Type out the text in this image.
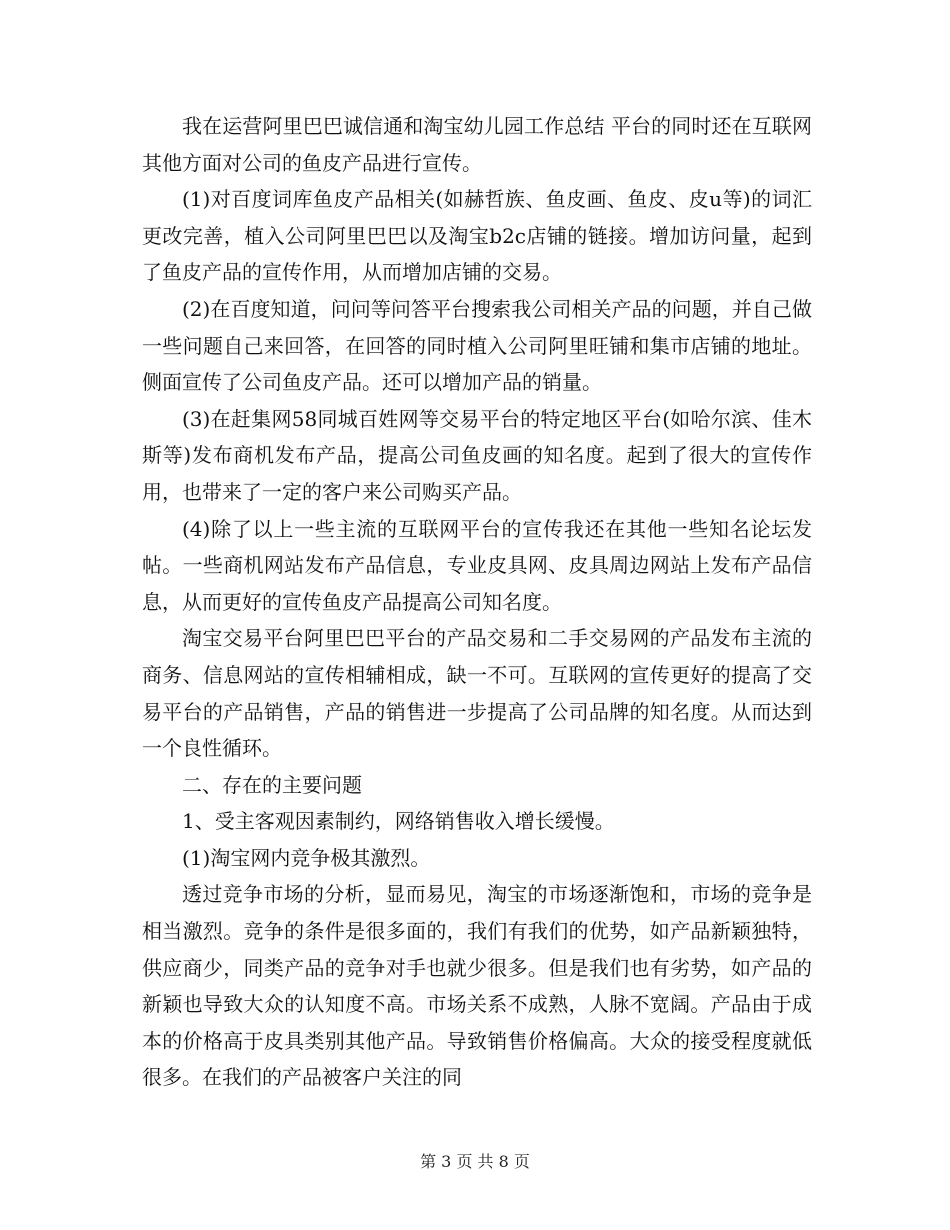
我在运营阿里巴巴诚信通和淘宝幼儿园工作总结 平台的同时还在互联网其他方面对公司的鱼皮产品进行宣传。

(1)对百度词库鱼皮产品相关(如赫哲族、鱼皮画、鱼皮、皮u等)的词汇更改完善，植入公司阿里巴巴以及淘宝b2c店铺的链接。增加访问量，起到了鱼皮产品的宣传作用，从而增加店铺的交易。

(2)在百度知道，问问等问答平台搜索我公司相关产品的问题，并自己做一些问题自己来回答，在回答的同时植入公司阿里旺铺和集市店铺的地址。侧面宣传了公司鱼皮产品。还可以增加产品的销量。

(3)在赶集网58同城百姓网等交易平台的特定地区平台(如哈尔滨、佳木斯等)发布商机发布产品，提高公司鱼皮画的知名度。起到了很大的宣传作用，也带来了一定的客户来公司购买产品。

(4)除了以上一些主流的互联网平台的宣传我还在其他一些知名论坛发帖。一些商机网站发布产品信息，专业皮具网、皮具周边网站上发布产品信息，从而更好的宣传鱼皮产品提高公司知名度。

淘宝交易平台阿里巴巴平台的产品交易和二手交易网的产品发布主流的商务、信息网站的宣传相辅相成，缺一不可。互联网的宣传更好的提高了交易平台的产品销售，产品的销售进一步提高了公司品牌的知名度。从而达到一个良性循环。

二、存在的主要问题

1、受主客观因素制约，网络销售收入增长缓慢。

(1)淘宝网内竞争极其激烈。

透过竞争市场的分析，显而易见，淘宝的市场逐渐饱和，市场的竞争是相当激烈。竞争的条件是很多面的，我们有我们的优势，如产品新颖独特，供应商少，同类产品的竞争对手也就少很多。但是我们也有劣势，如产品的新颖也导致大众的认知度不高。市场关系不成熟，人脉不宽阔。产品由于成本的价格高于皮具类别其他产品。导致销售价格偏高。大众的接受程度就低很多。在我们的产品被客户关注的同

第 3 页 共 8 页
